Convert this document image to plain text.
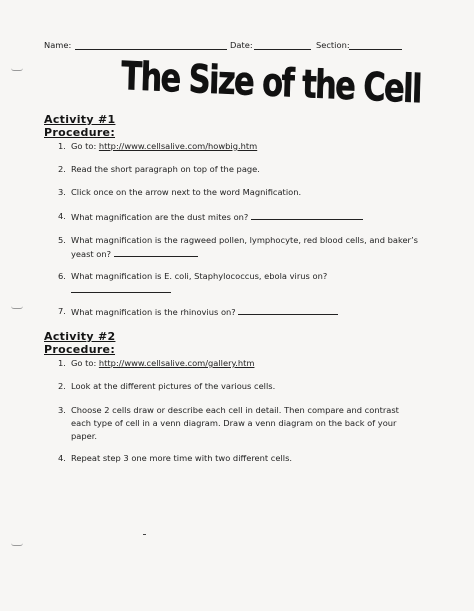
Name:	Date:	Section:
The Size of the Cell
Activity #1
Procedure:
1. Go to: http://www.cellsalive.com/howbig.htm
2. Read the short paragraph on top of the page.
3. Click once on the arrow next to the word Magnification.
4. What magnification are the dust mites on?
5. What magnification is the ragweed pollen, lymphocyte, red blood cells, and baker’s
yeast on?
6. What magnification is E. coli, Staphylococcus, ebola virus on?

7. What magnification is the rhinovius on?
Activity #2
Procedure:
1. Go to: http://www.cellsalive.com/gallery.htm
2. Look at the different pictures of the various cells.
3. Choose 2 cells draw or describe each cell in detail. Then compare and contrast
each type of cell in a venn diagram. Draw a venn diagram on the back of your
paper.
4. Repeat step 3 one more time with two different cells.
